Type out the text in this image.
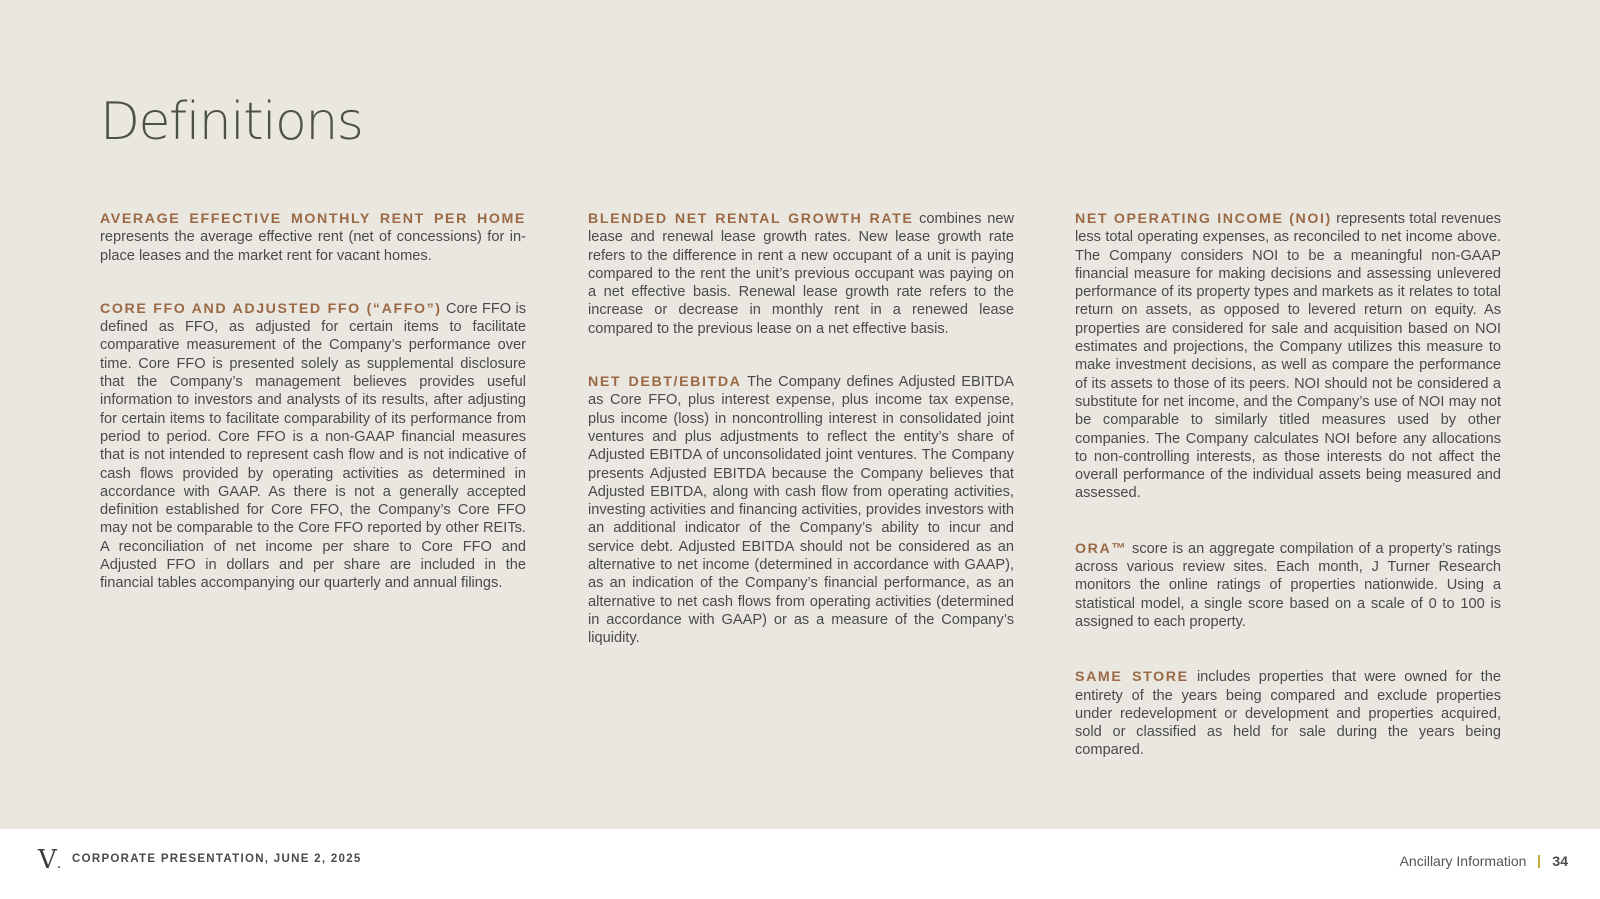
Definitions

AVERAGE EFFECTIVE MONTHLY RENT PER HOME represents the average effective rent (net of concessions) for in-place leases and the market rent for vacant homes.

CORE FFO AND ADJUSTED FFO (“AFFO”) Core FFO is defined as FFO, as adjusted for certain items to facilitate comparative measurement of the Company’s performance over time. Core FFO is presented solely as supplemental disclosure that the Company’s management believes provides useful information to investors and analysts of its results, after adjusting for certain items to facilitate comparability of its performance from period to period. Core FFO is a non-GAAP financial measures that is not intended to represent cash flow and is not indicative of cash flows provided by operating activities as determined in accordance with GAAP. As there is not a generally accepted definition established for Core FFO, the Company’s Core FFO may not be comparable to the Core FFO reported by other REITs. A reconciliation of net income per share to Core FFO and Adjusted FFO in dollars and per share are included in the financial tables accompanying our quarterly and annual filings.

BLENDED NET RENTAL GROWTH RATE combines new lease and renewal lease growth rates. New lease growth rate refers to the difference in rent a new occupant of a unit is paying compared to the rent the unit’s previous occupant was paying on a net effective basis. Renewal lease growth rate refers to the increase or decrease in monthly rent in a renewed lease compared to the previous lease on a net effective basis.

NET DEBT/EBITDA The Company defines Adjusted EBITDA as Core FFO, plus interest expense, plus income tax expense, plus income (loss) in noncontrolling interest in consolidated joint ventures and plus adjustments to reflect the entity’s share of Adjusted EBITDA of unconsolidated joint ventures. The Company presents Adjusted EBITDA because the Company believes that Adjusted EBITDA, along with cash flow from operating activities, investing activities and financing activities, provides investors with an additional indicator of the Company’s ability to incur and service debt. Adjusted EBITDA should not be considered as an alternative to net income (determined in accordance with GAAP), as an indication of the Company’s financial performance, as an alternative to net cash flows from operating activities (determined in accordance with GAAP) or as a measure of the Company’s liquidity.

NET OPERATING INCOME (NOI) represents total revenues less total operating expenses, as reconciled to net income above. The Company considers NOI to be a meaningful non-GAAP financial measure for making decisions and assessing unlevered performance of its property types and markets as it relates to total return on assets, as opposed to levered return on equity. As properties are considered for sale and acquisition based on NOI estimates and projections, the Company utilizes this measure to make investment decisions, as well as compare the performance of its assets to those of its peers. NOI should not be considered a substitute for net income, and the Company’s use of NOI may not be comparable to similarly titled measures used by other companies. The Company calculates NOI before any allocations to non-controlling interests, as those interests do not affect the overall performance of the individual assets being measured and assessed.

ORA™ score is an aggregate compilation of a property’s ratings across various review sites. Each month, J Turner Research monitors the online ratings of properties nationwide. Using a statistical model, a single score based on a scale of 0 to 100 is assigned to each property.

SAME STORE includes properties that were owned for the entirety of the years being compared and exclude properties under redevelopment or development and properties acquired, sold or classified as held for sale during the years being compared.

V. CORPORATE PRESENTATION, JUNE 2, 2025	Ancillary Information 34
